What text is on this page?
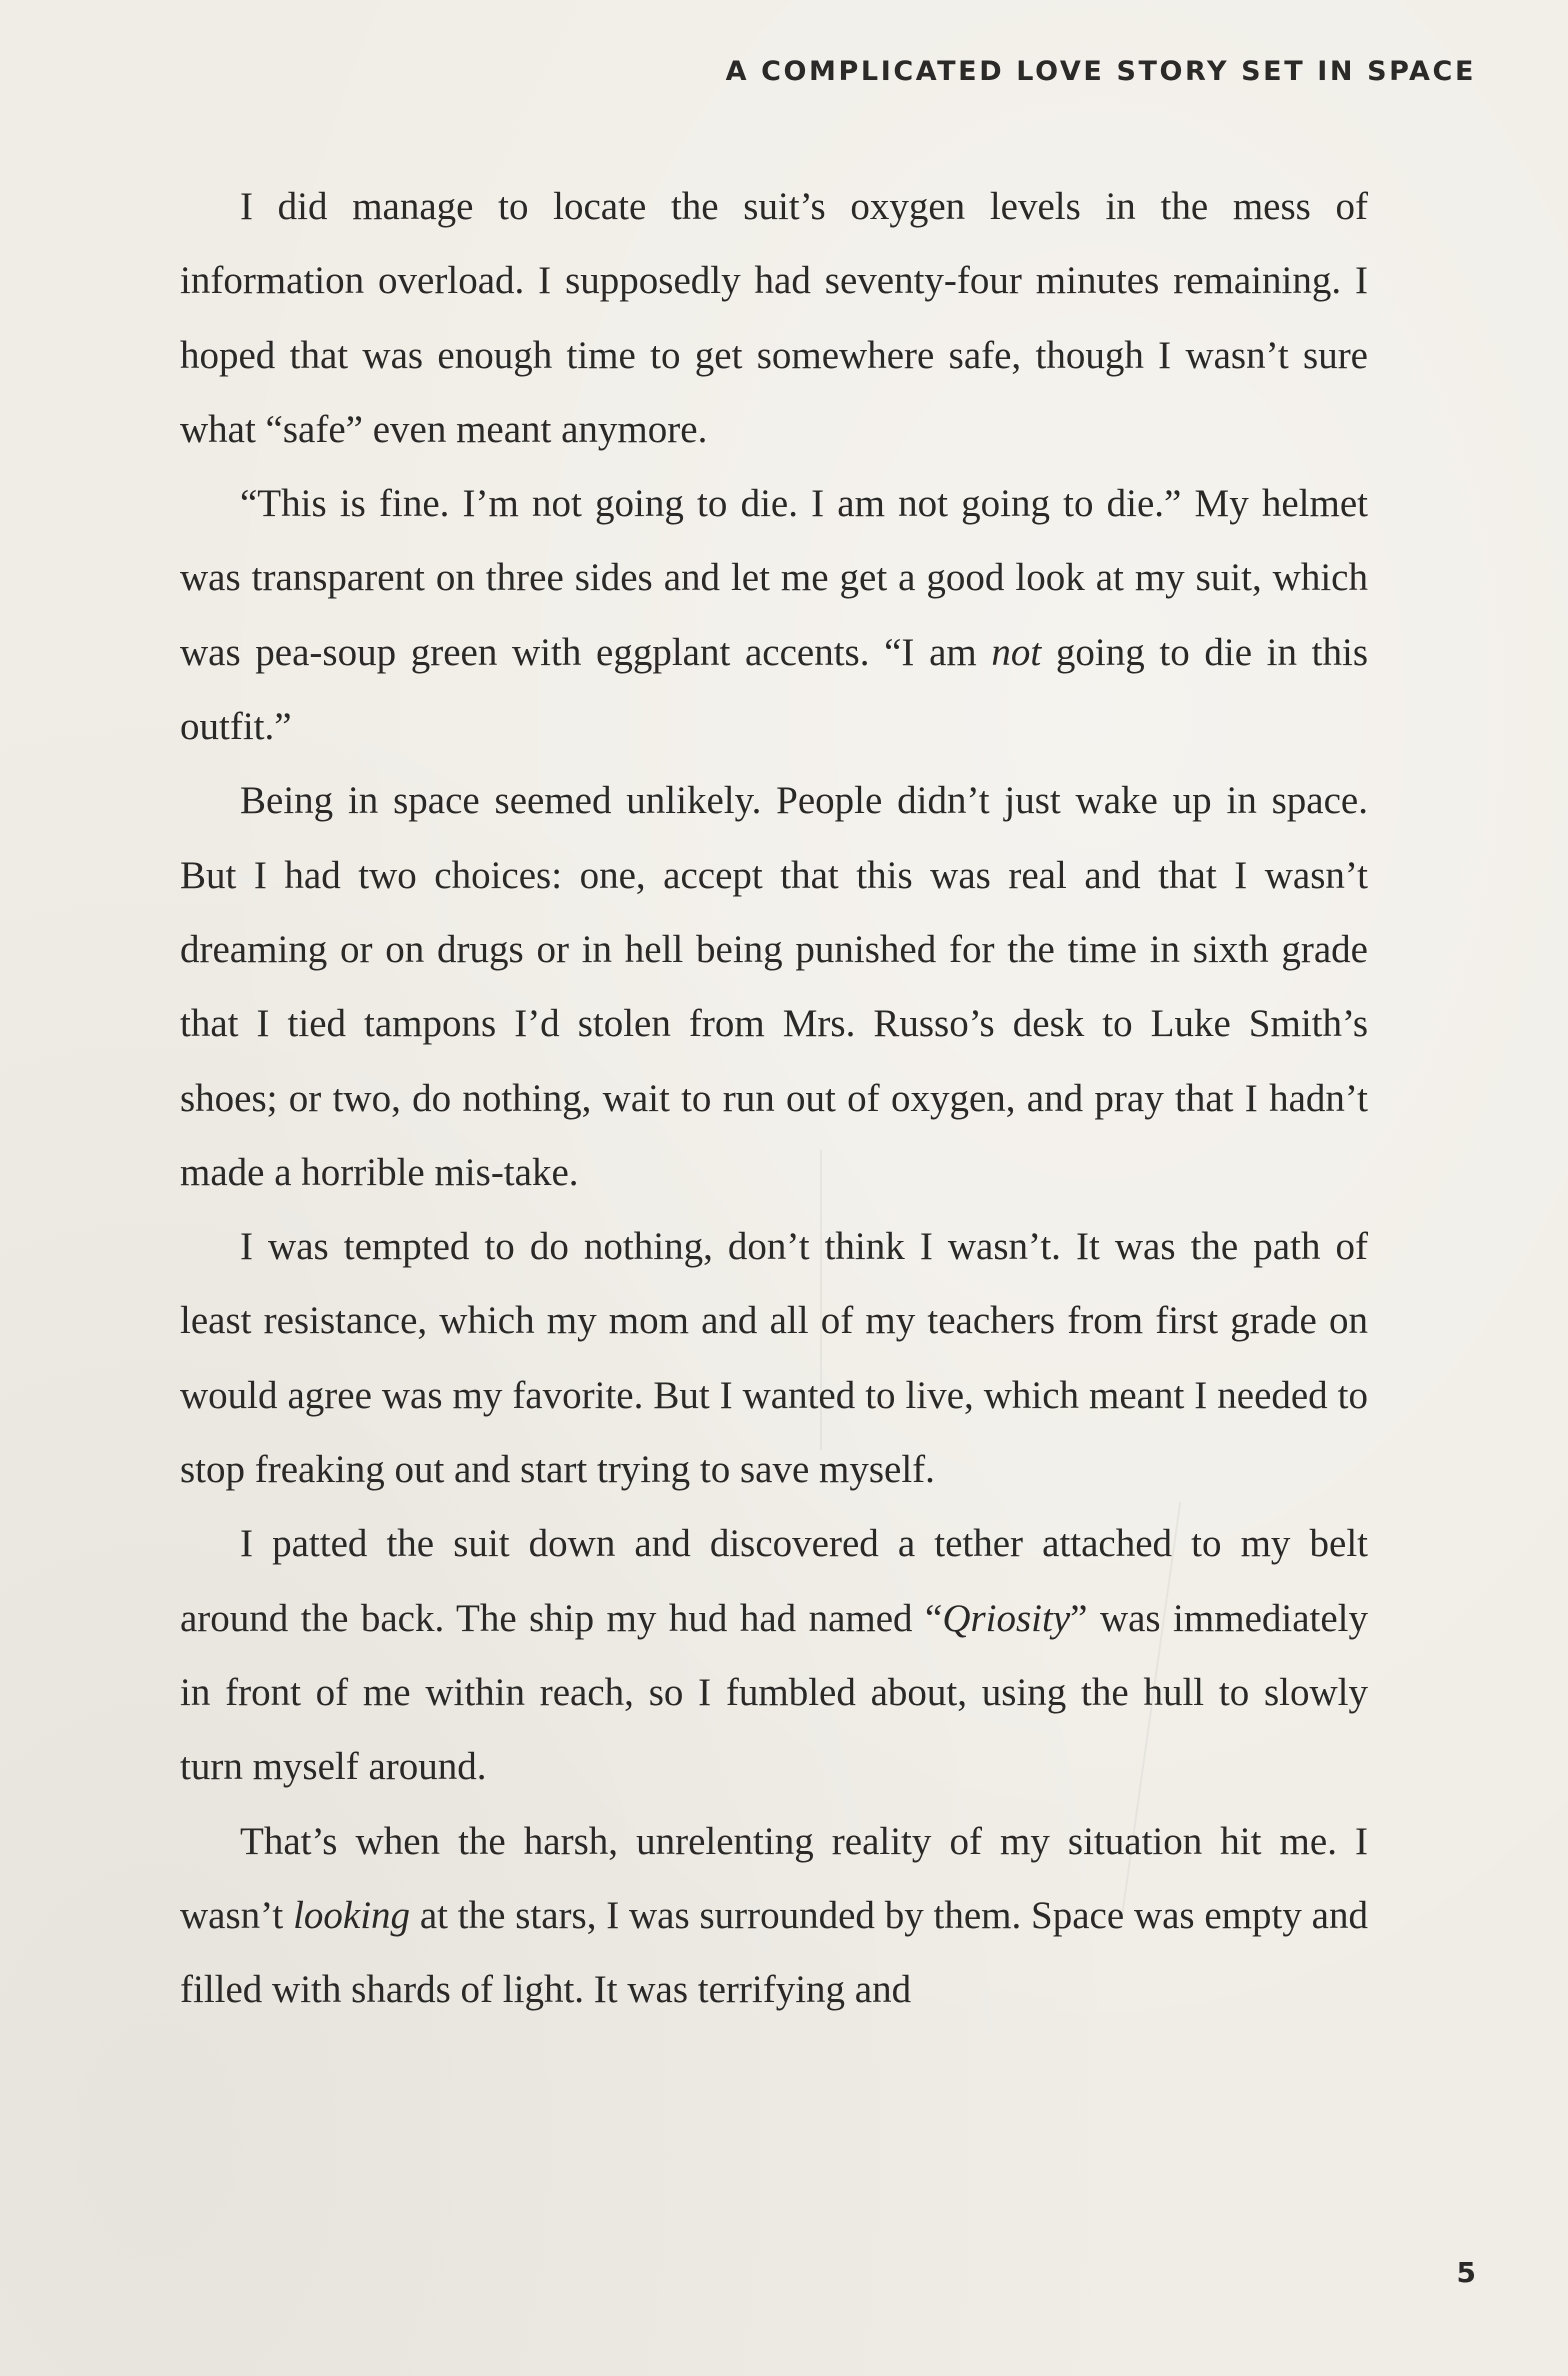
A COMPLICATED LOVE STORY SET IN SPACE

I did manage to locate the suit’s oxygen levels in the mess of information overload. I supposedly had seventy-four minutes remaining. I hoped that was enough time to get somewhere safe, though I wasn’t sure what “safe” even meant anymore.

“This is fine. I’m not going to die. I am not going to die.” My helmet was transparent on three sides and let me get a good look at my suit, which was pea-soup green with eggplant accents. “I am not going to die in this outfit.”

Being in space seemed unlikely. People didn’t just wake up in space. But I had two choices: one, accept that this was real and that I wasn’t dreaming or on drugs or in hell being punished for the time in sixth grade that I tied tampons I’d stolen from Mrs. Russo’s desk to Luke Smith’s shoes; or two, do nothing, wait to run out of oxygen, and pray that I hadn’t made a horrible mis-take.

I was tempted to do nothing, don’t think I wasn’t. It was the path of least resistance, which my mom and all of my teachers from first grade on would agree was my favorite. But I wanted to live, which meant I needed to stop freaking out and start trying to save myself.

I patted the suit down and discovered a tether attached to my belt around the back. The ship my hud had named “Qriosity” was immediately in front of me within reach, so I fumbled about, using the hull to slowly turn myself around.

That’s when the harsh, unrelenting reality of my situation hit me. I wasn’t looking at the stars, I was surrounded by them. Space was empty and filled with shards of light. It was terrifying and

5
